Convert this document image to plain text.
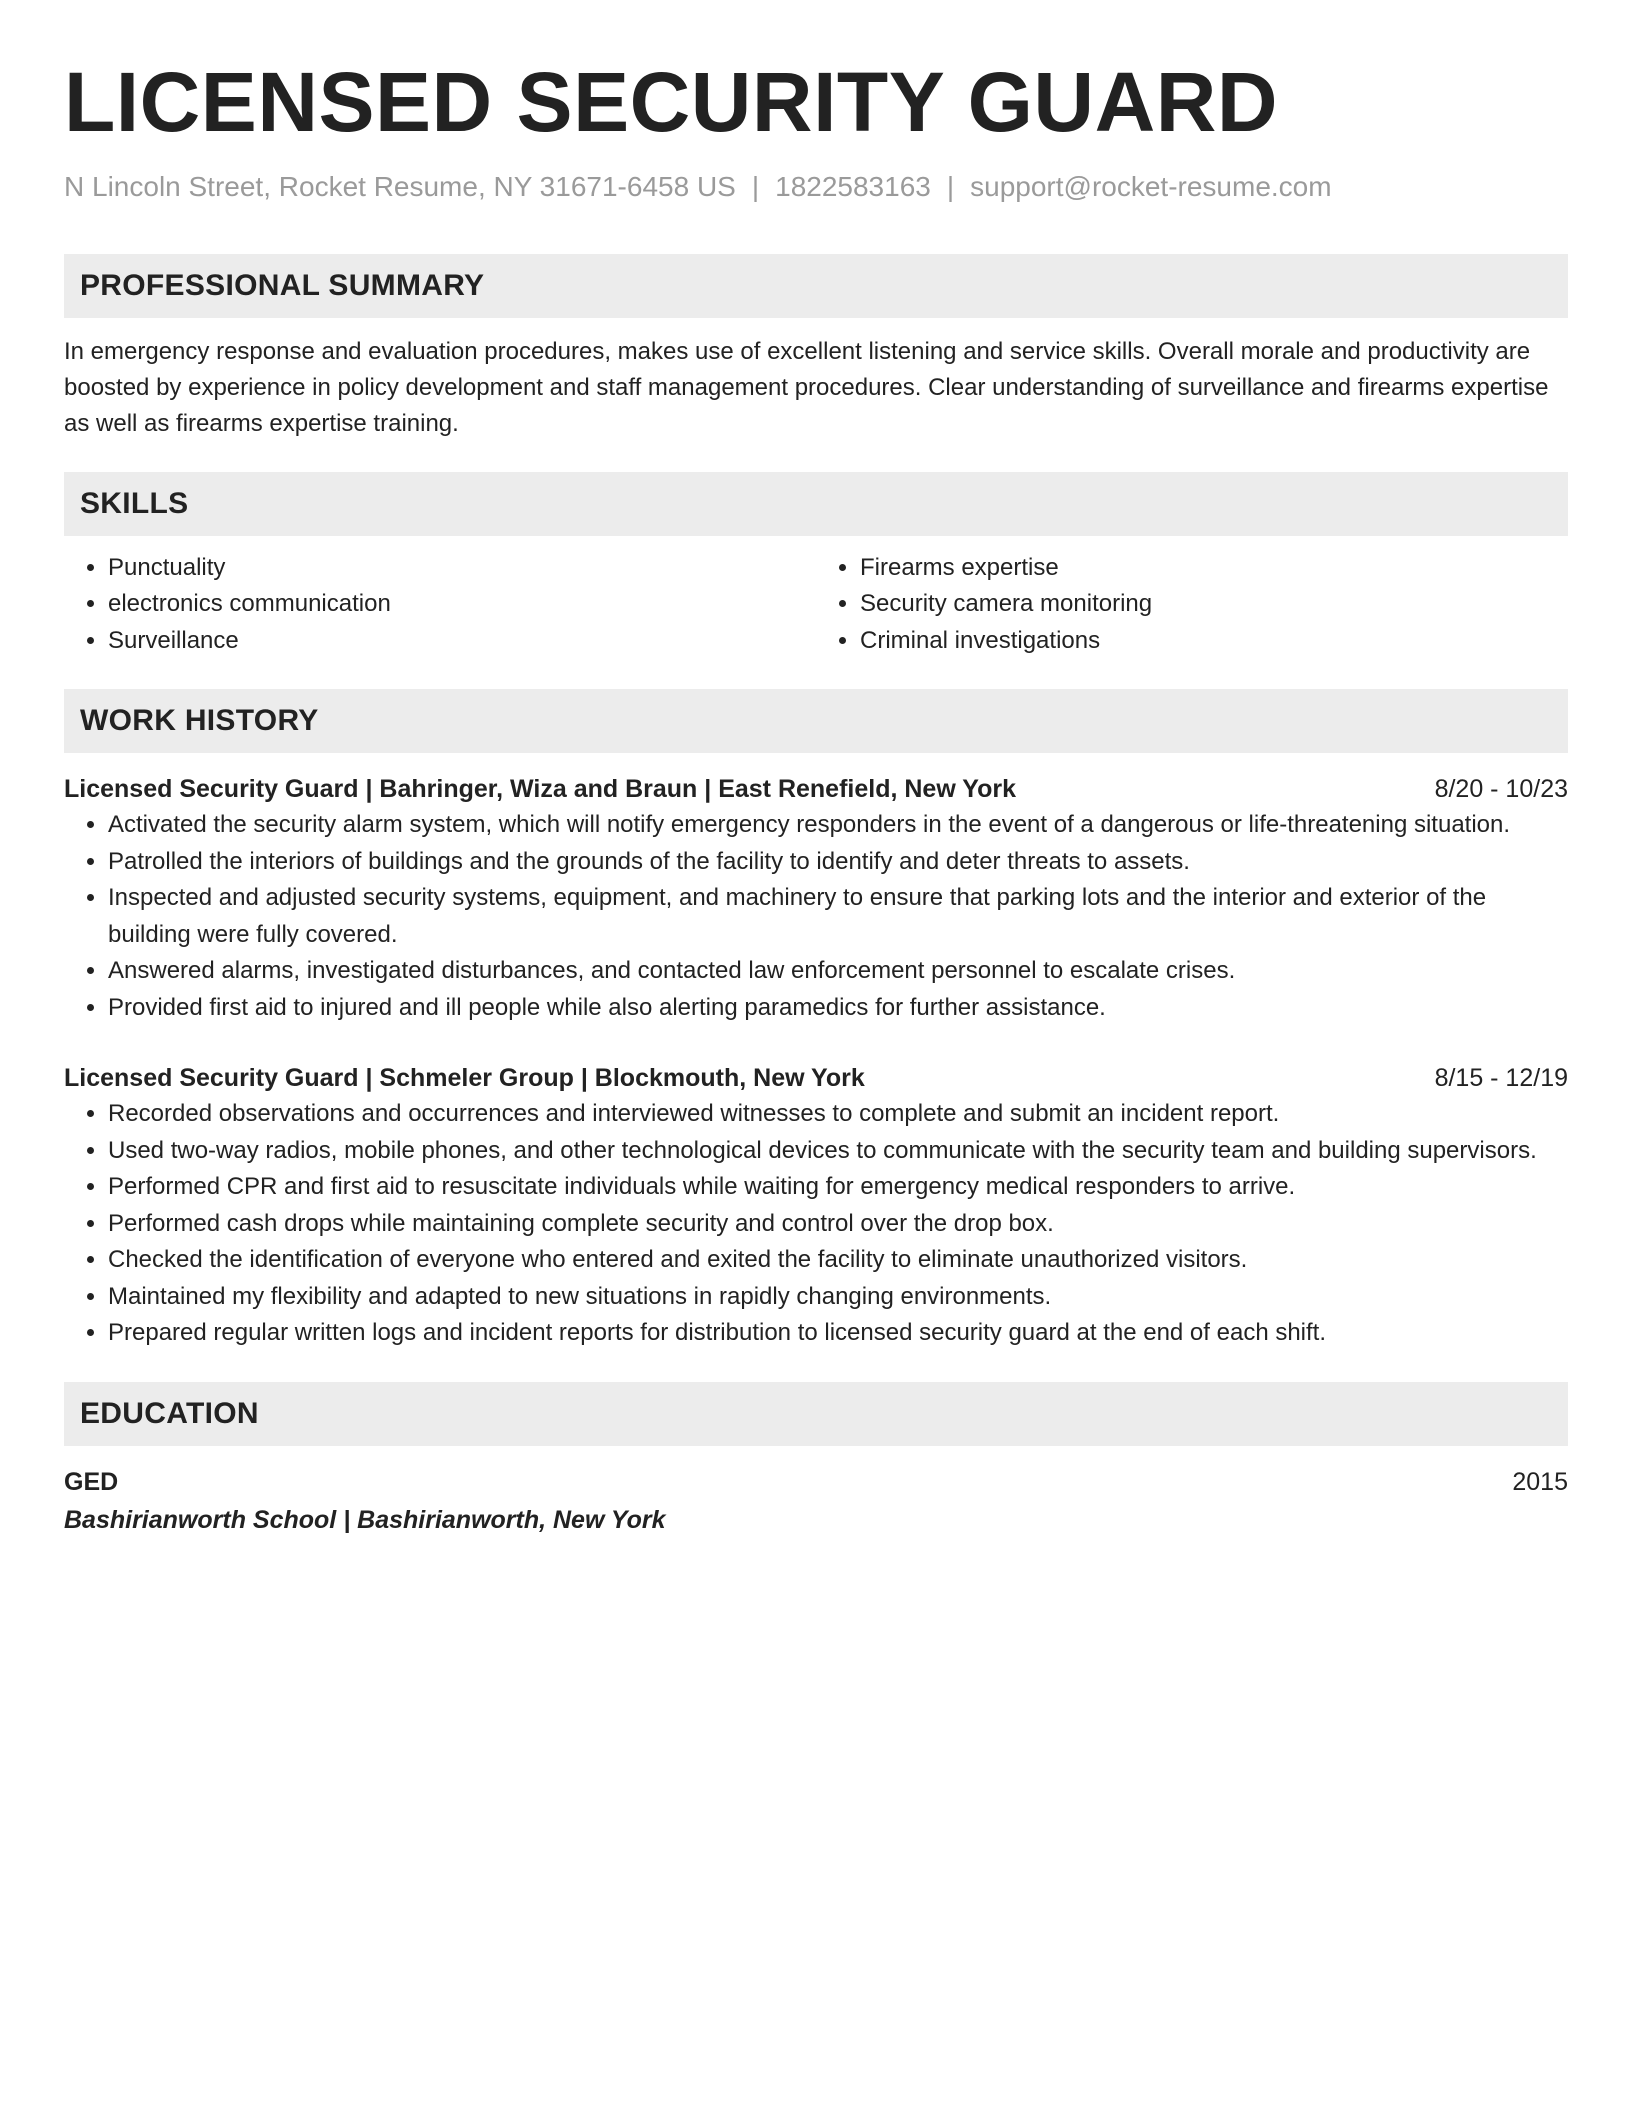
LICENSED SECURITY GUARD
N Lincoln Street, Rocket Resume, NY 31671-6458 US | 1822583163 | support@rocket-resume.com
PROFESSIONAL SUMMARY
In emergency response and evaluation procedures, makes use of excellent listening and service skills. Overall morale and productivity are boosted by experience in policy development and staff management procedures. Clear understanding of surveillance and firearms expertise as well as firearms expertise training.
SKILLS
• Punctuality
• electronics communication
• Surveillance
• Firearms expertise
• Security camera monitoring
• Criminal investigations
WORK HISTORY
Licensed Security Guard | Bahringer, Wiza and Braun | East Renefield, New York	8/20 - 10/23
• Activated the security alarm system, which will notify emergency responders in the event of a dangerous or life-threatening situation.
• Patrolled the interiors of buildings and the grounds of the facility to identify and deter threats to assets.
• Inspected and adjusted security systems, equipment, and machinery to ensure that parking lots and the interior and exterior of the building were fully covered.
• Answered alarms, investigated disturbances, and contacted law enforcement personnel to escalate crises.
• Provided first aid to injured and ill people while also alerting paramedics for further assistance.
Licensed Security Guard | Schmeler Group | Blockmouth, New York	8/15 - 12/19
• Recorded observations and occurrences and interviewed witnesses to complete and submit an incident report.
• Used two-way radios, mobile phones, and other technological devices to communicate with the security team and building supervisors.
• Performed CPR and first aid to resuscitate individuals while waiting for emergency medical responders to arrive.
• Performed cash drops while maintaining complete security and control over the drop box.
• Checked the identification of everyone who entered and exited the facility to eliminate unauthorized visitors.
• Maintained my flexibility and adapted to new situations in rapidly changing environments.
• Prepared regular written logs and incident reports for distribution to licensed security guard at the end of each shift.
EDUCATION
GED	2015
Bashirianworth School | Bashirianworth, New York
